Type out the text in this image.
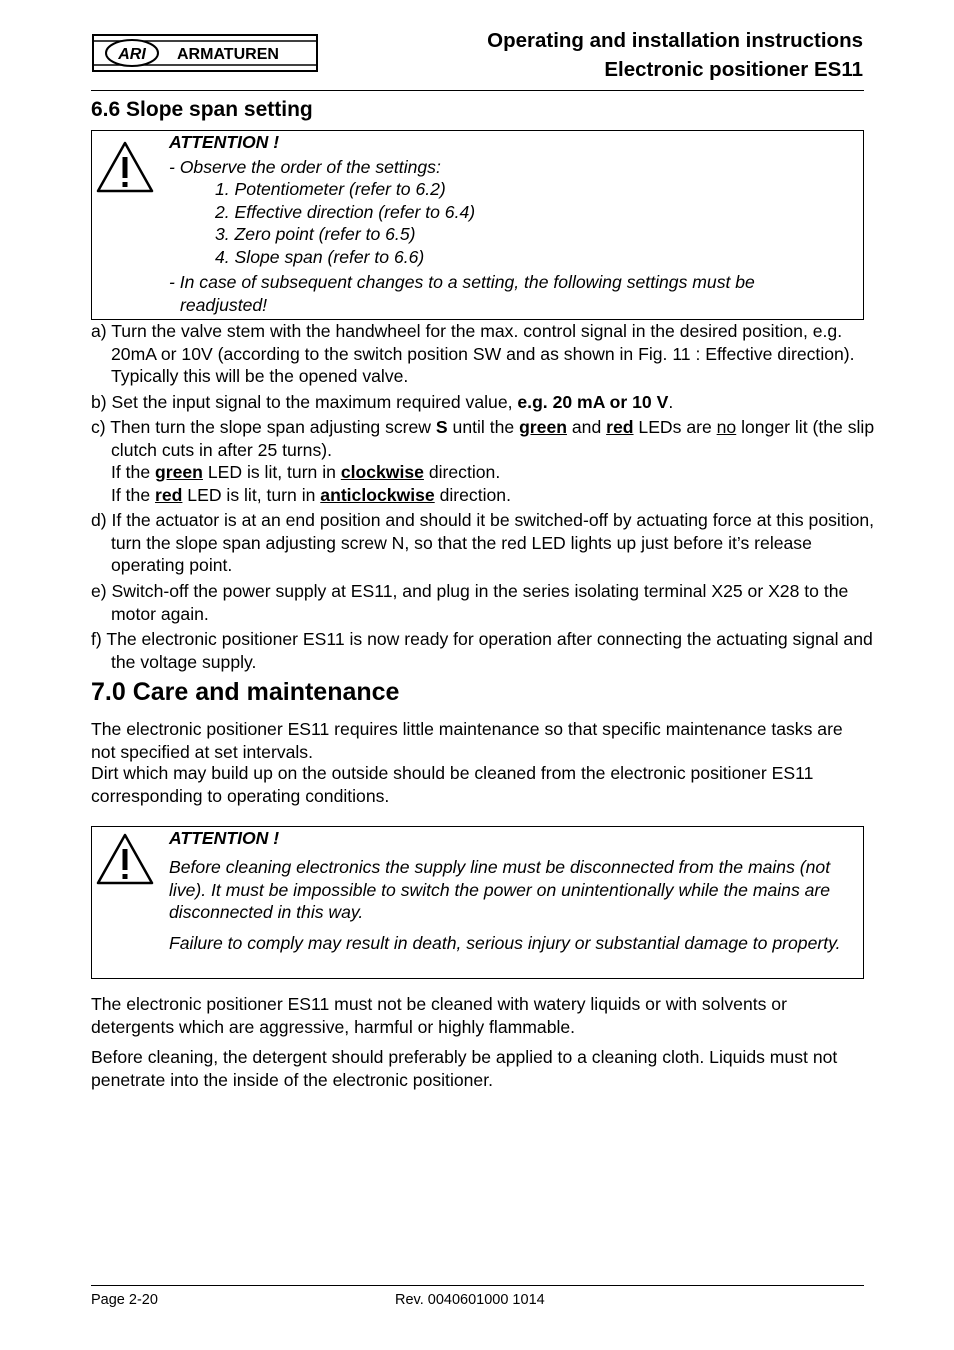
ARI ARMATUREN
Operating and installation instructions
Electronic positioner ES11
6.6 Slope span setting
ATTENTION !
- Observe the order of the settings:
1. Potentiometer (refer to 6.2)
2. Effective direction (refer to 6.4)
3. Zero point (refer to 6.5)
4. Slope span (refer to 6.6)
- In case of subsequent changes to a setting, the following settings must be
readjusted!
a) Turn the valve stem with the handwheel for the max. control signal in the desired position, e.g. 20mA or 10V (according to the switch position SW and as shown in Fig. 11 : Effective direction). Typically this will be the opened valve.
b) Set the input signal to the maximum required value, e.g. 20 mA or 10 V.
c) Then turn the slope span adjusting screw S until the green and red LEDs are no longer lit (the slip clutch cuts in after 25 turns).
If the green LED is lit, turn in clockwise direction.
If the red LED is lit, turn in anticlockwise direction.
d) If the actuator is at an end position and should it be switched-off by actuating force at this position, turn the slope span adjusting screw N, so that the red LED lights up just before it’s release operating point.
e) Switch-off the power supply at ES11, and plug in the series isolating terminal X25 or X28 to the motor again.
f) The electronic positioner ES11 is now ready for operation after connecting the actuating signal and the voltage supply.
7.0 Care and maintenance
The electronic positioner ES11 requires little maintenance so that specific maintenance tasks are not specified at set intervals.
Dirt which may build up on the outside should be cleaned from the electronic positioner ES11 corresponding to operating conditions.
ATTENTION !
Before cleaning electronics the supply line must be disconnected from the mains (not live). It must be impossible to switch the power on unintentionally while the mains are disconnected in this way.
Failure to comply may result in death, serious injury or substantial damage to property.
The electronic positioner ES11 must not be cleaned with watery liquids or with solvents or detergents which are aggressive, harmful or highly flammable.
Before cleaning, the detergent should preferably be applied to a cleaning cloth. Liquids must not penetrate into the inside of the electronic positioner.
Page 2-20	Rev. 0040601000 1014
